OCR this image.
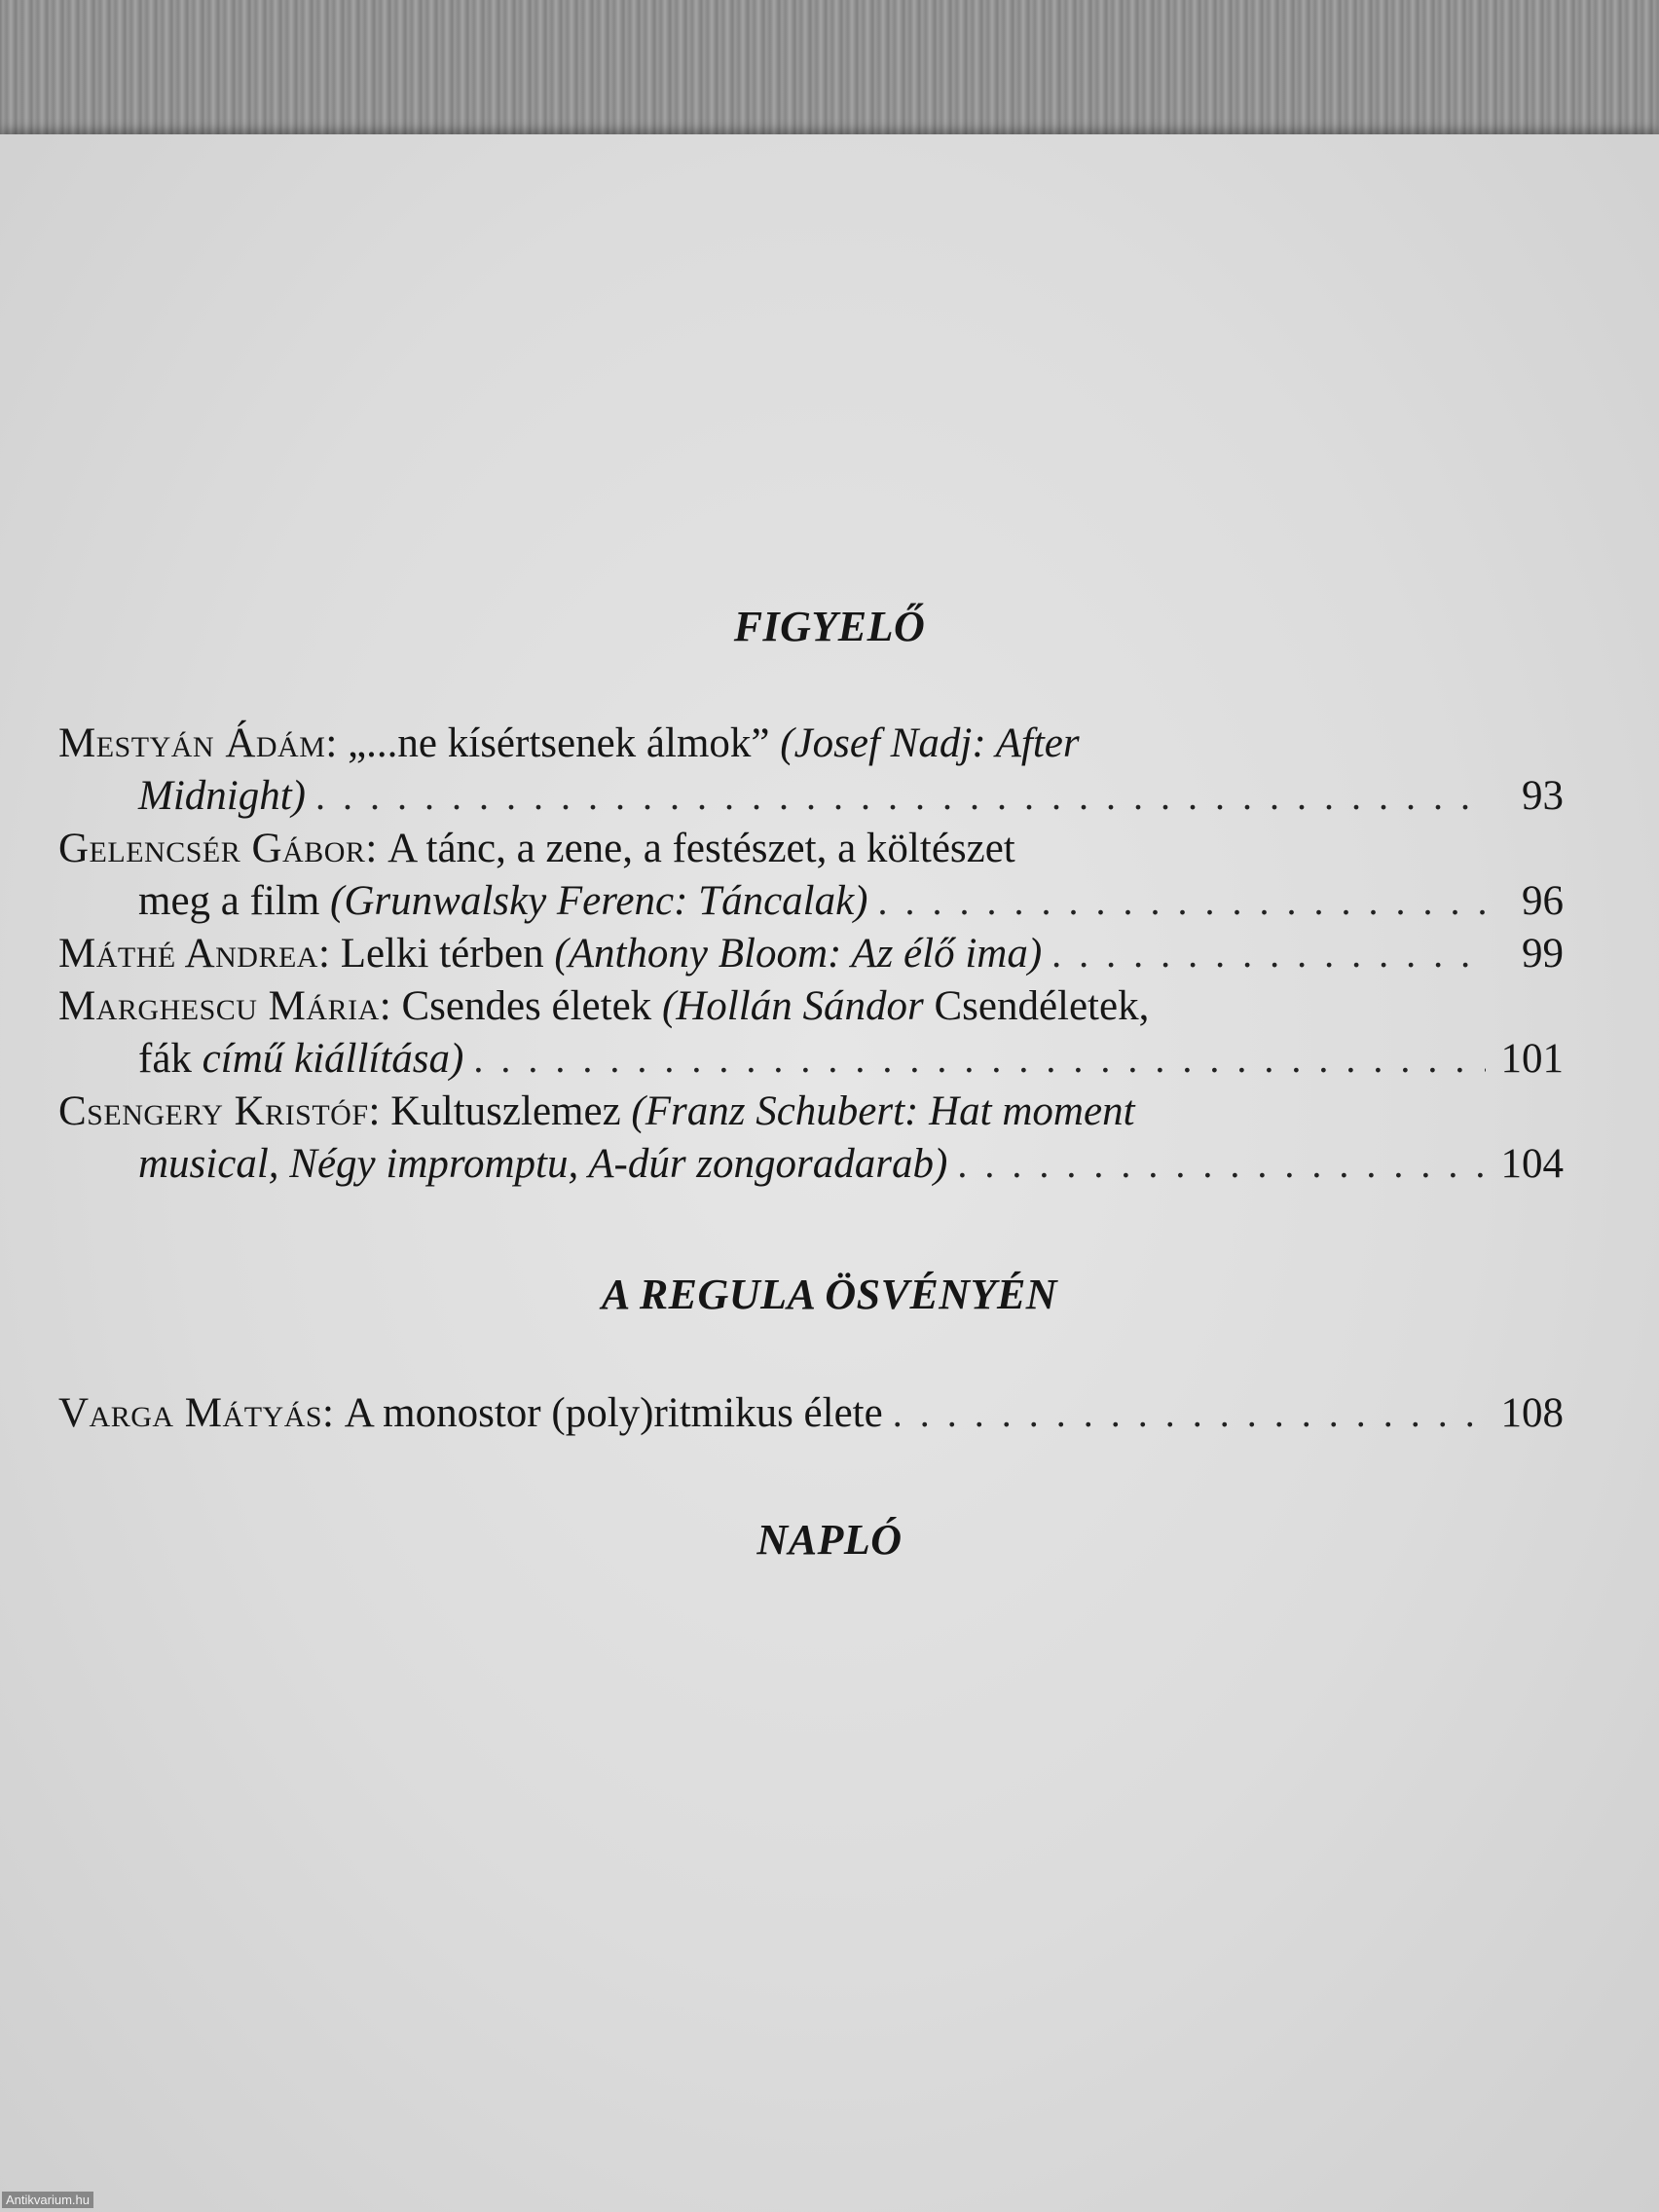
FIGYELŐ
Mestyán Ádám : „...ne kísértsenek álmok”
(Josef Nadj: After
Midnight) . . .	93
Gelencsér Gábor : A tánc, a zene, a festészet, a költészet
meg a film
(Grunwalsky Ferenc: Táncalak) . . .	96
Máthé Andrea : Lelki térben
(Anthony Bloom: Az élő ima) . . .	99
Marghescu Mária : Csendes életek
(Hollán Sándor
Csendéletek,
fák
című kiállítása) . . .	101
Csengery Kristóf : Kultuszlemez
(Franz Schubert: Hat moment
musical, Négy impromptu, A-dúr zongoradarab) . . .	104
A REGULA ÖSVÉNYÉN
Varga Mátyás : A monostor (poly)ritmikus élete . . .	108
NAPLÓ
Antikvarium.hu
